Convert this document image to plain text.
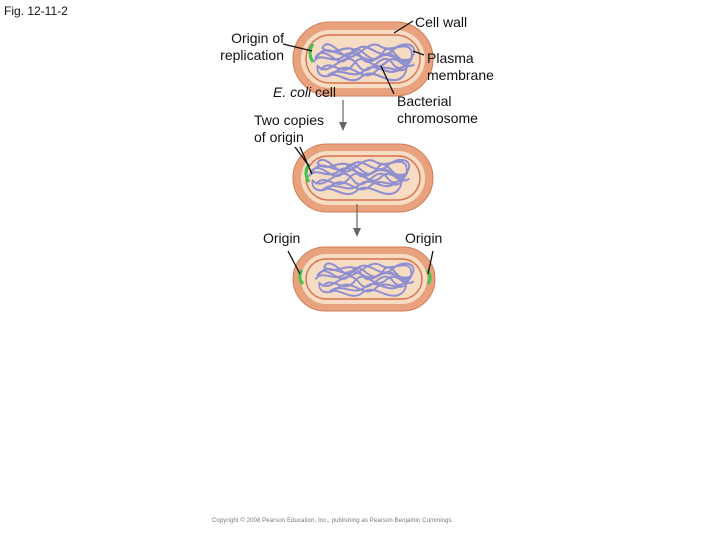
Fig. 12-11-2
Origin of
replication
Cell wall
Plasma
membrane
E. coli cell
Bacterial
chromosome
Two copies
of origin
Origin	Origin
Copyright © 2008 Pearson Education, Inc., publishing as Pearson Benjamin Cummings.
